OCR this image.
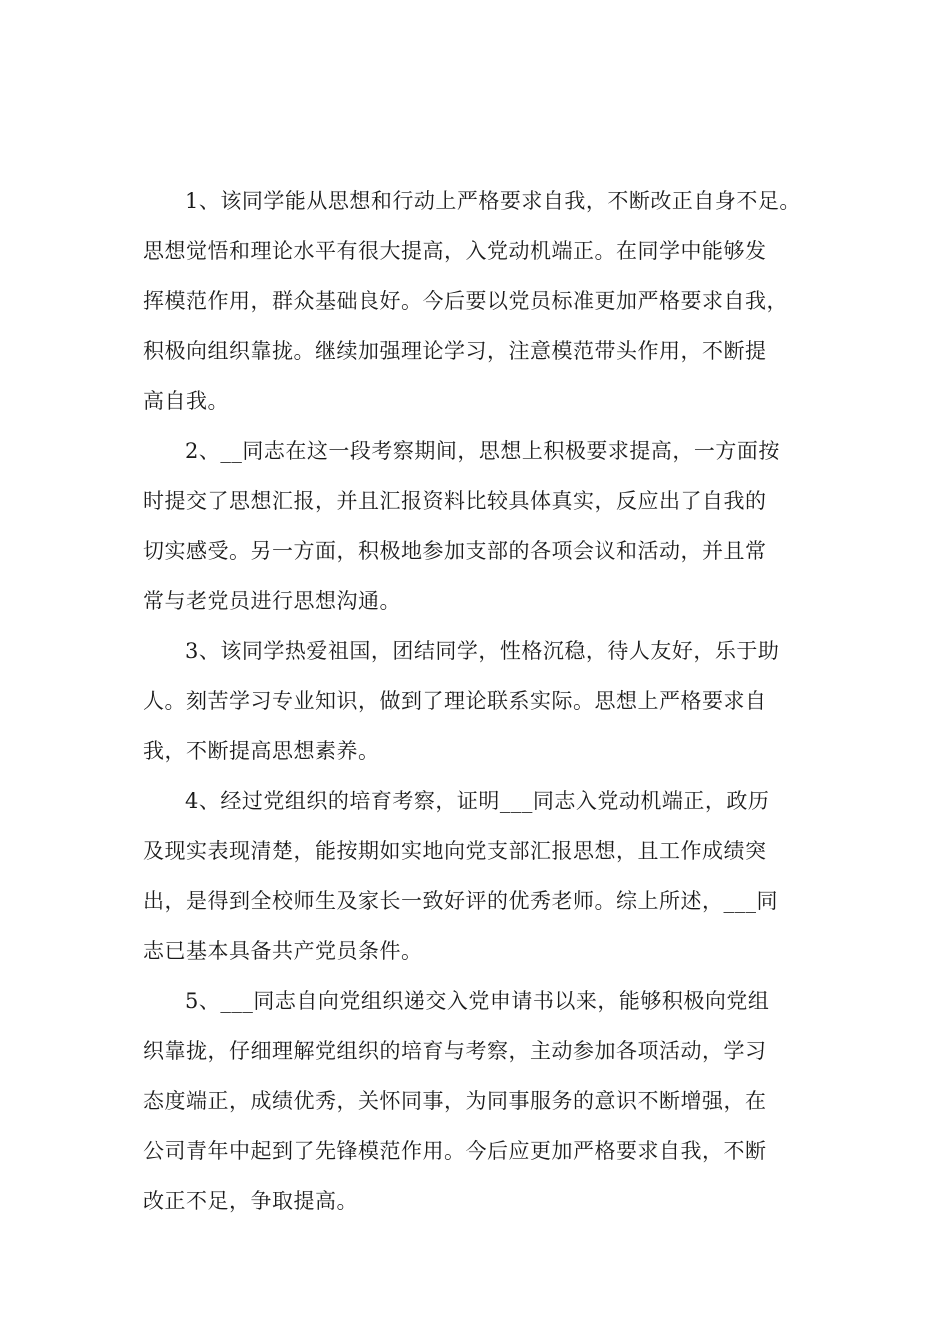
1、该同学能从思想和行动上严格要求自我，不断改正自身不足。
思想觉悟和理论水平有很大提高，入党动机端正。在同学中能够发
挥模范作用，群众基础良好。今后要以党员标准更加严格要求自我，
积极向组织靠拢。继续加强理论学习，注意模范带头作用，不断提
高自我。
2、__同志在这一段考察期间，思想上积极要求提高，一方面按
时提交了思想汇报，并且汇报资料比较具体真实，反应出了自我的
切实感受。另一方面，积极地参加支部的各项会议和活动，并且常
常与老党员进行思想沟通。
3、该同学热爱祖国，团结同学，性格沉稳，待人友好，乐于助
人。刻苦学习专业知识，做到了理论联系实际。思想上严格要求自
我，不断提高思想素养。
4、经过党组织的培育考察，证明___同志入党动机端正，政历
及现实表现清楚，能按期如实地向党支部汇报思想，且工作成绩突
出，是得到全校师生及家长一致好评的优秀老师。综上所述，___同
志已基本具备共产党员条件。
5、___同志自向党组织递交入党申请书以来，能够积极向党组
织靠拢，仔细理解党组织的培育与考察，主动参加各项活动，学习
态度端正，成绩优秀，关怀同事，为同事服务的意识不断增强，在
公司青年中起到了先锋模范作用。今后应更加严格要求自我，不断
改正不足，争取提高。
